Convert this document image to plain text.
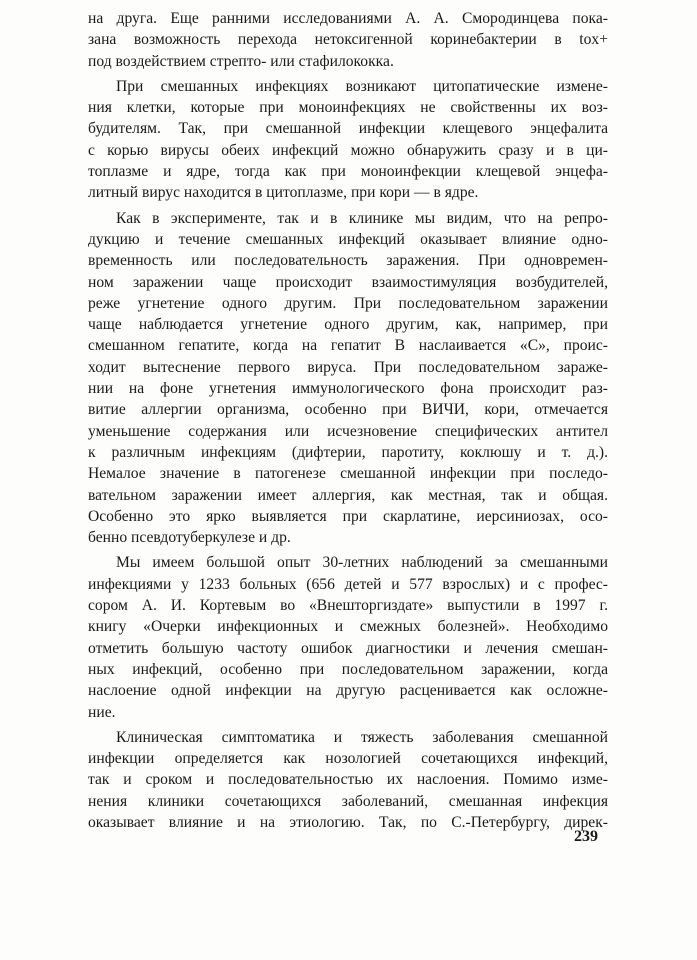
на друга. Еще ранними исследованиями А. А. Смородинцева пока-
зана возможность перехода нетоксигенной коринебактерии в tox+
под воздействием стрепто- или стафилококка.
При смешанных инфекциях возникают цитопатические измене-
ния клетки, которые при моноинфекциях не свойственны их воз-
будителям. Так, при смешанной инфекции клещевого энцефалита
с корью вирусы обеих инфекций можно обнаружить сразу и в ци-
топлазме и ядре, тогда как при моноинфекции клещевой энцефа-
литный вирус находится в цитоплазме, при кори — в ядре.
Как в эксперименте, так и в клинике мы видим, что на репро-
дукцию и течение смешанных инфекций оказывает влияние одно-
временность или последовательность заражения. При одновремен-
ном заражении чаще происходит взаимостимуляция возбудителей,
реже угнетение одного другим. При последовательном заражении
чаще наблюдается угнетение одного другим, как, например, при
смешанном гепатите, когда на гепатит В наслаивается «С», проис-
ходит вытеснение первого вируса. При последовательном зараже-
нии на фоне угнетения иммунологического фона происходит раз-
витие аллергии организма, особенно при ВИЧИ, кори, отмечается
уменьшение содержания или исчезновение специфических антител
к различным инфекциям (дифтерии, паротиту, коклюшу и т. д.).
Немалое значение в патогенезе смешанной инфекции при последо-
вательном заражении имеет аллергия, как местная, так и общая.
Особенно это ярко выявляется при скарлатине, иерсиниозах, осо-
бенно псевдотуберкулезе и др.
Мы имеем большой опыт 30-летних наблюдений за смешанными
инфекциями у 1233 больных (656 детей и 577 взрослых) и с профес-
сором А. И. Кортевым во «Внешторгиздате» выпустили в 1997 г.
книгу «Очерки инфекционных и смежных болезней». Необходимо
отметить большую частоту ошибок диагностики и лечения смешан-
ных инфекций, особенно при последовательном заражении, когда
наслоение одной инфекции на другую расценивается как осложне-
ние.
Клиническая симптоматика и тяжесть заболевания смешанной
инфекции определяется как нозологией сочетающихся инфекций,
так и сроком и последовательностью их наслоения. Помимо изме-
нения клиники сочетающихся заболеваний, смешанная инфекция
оказывает влияние и на этиологию. Так, по С.-Петербургу, дирек-
239
